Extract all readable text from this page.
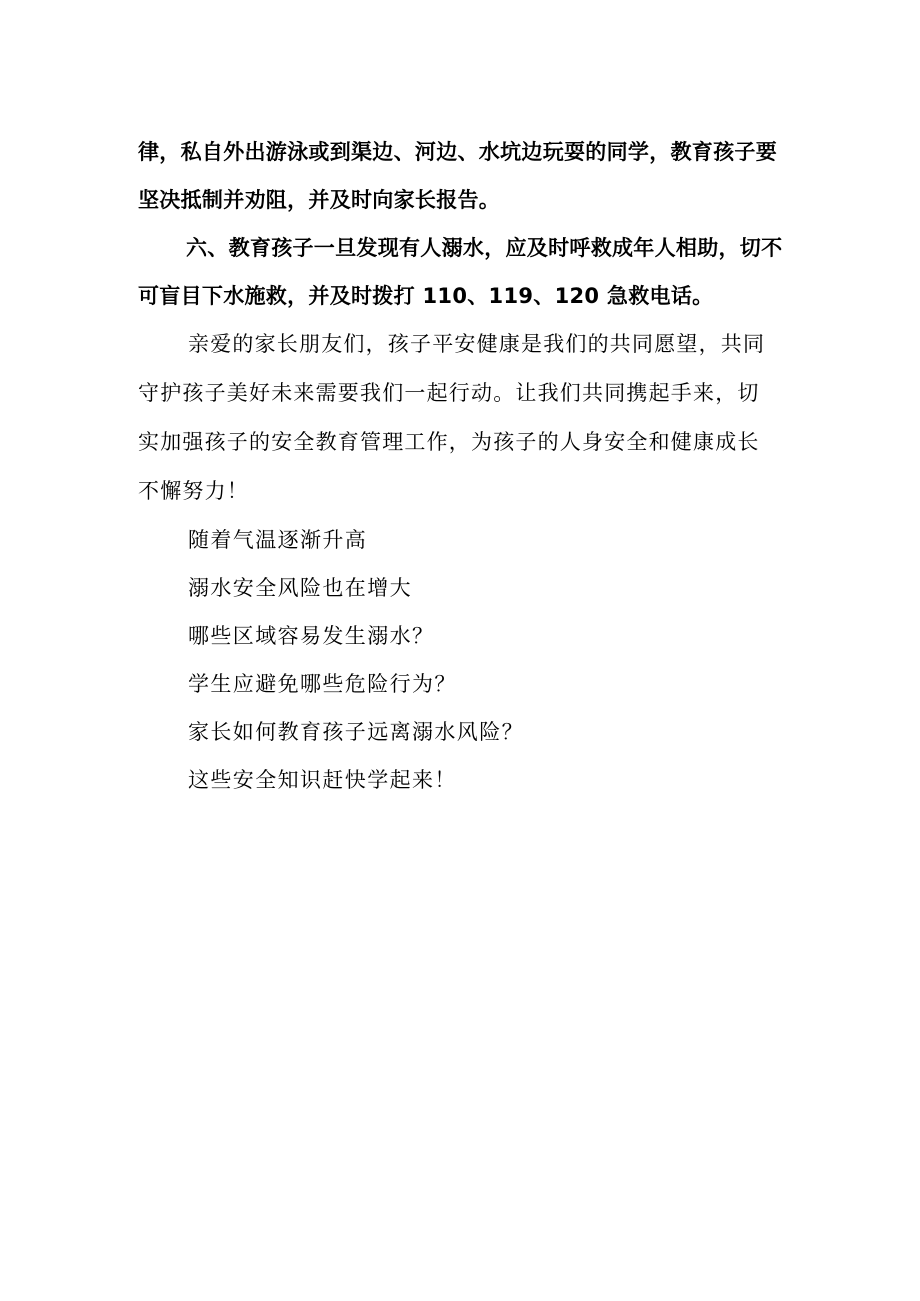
律，私自外出游泳或到渠边、河边、水坑边玩耍的同学，教育孩子要
坚决抵制并劝阻，并及时向家长报告。
六、教育孩子一旦发现有人溺水，应及时呼救成年人相助，切不
可盲目下水施救，并及时拨打 110、119、120 急救电话。
亲爱的家长朋友们，孩子平安健康是我们的共同愿望，共同
守护孩子美好未来需要我们一起行动。让我们共同携起手来，切
实加强孩子的安全教育管理工作，为孩子的人身安全和健康成长
不懈努力！
随着气温逐渐升高
溺水安全风险也在增大
哪些区域容易发生溺水？
学生应避免哪些危险行为？
家长如何教育孩子远离溺水风险？
这些安全知识赶快学起来！
